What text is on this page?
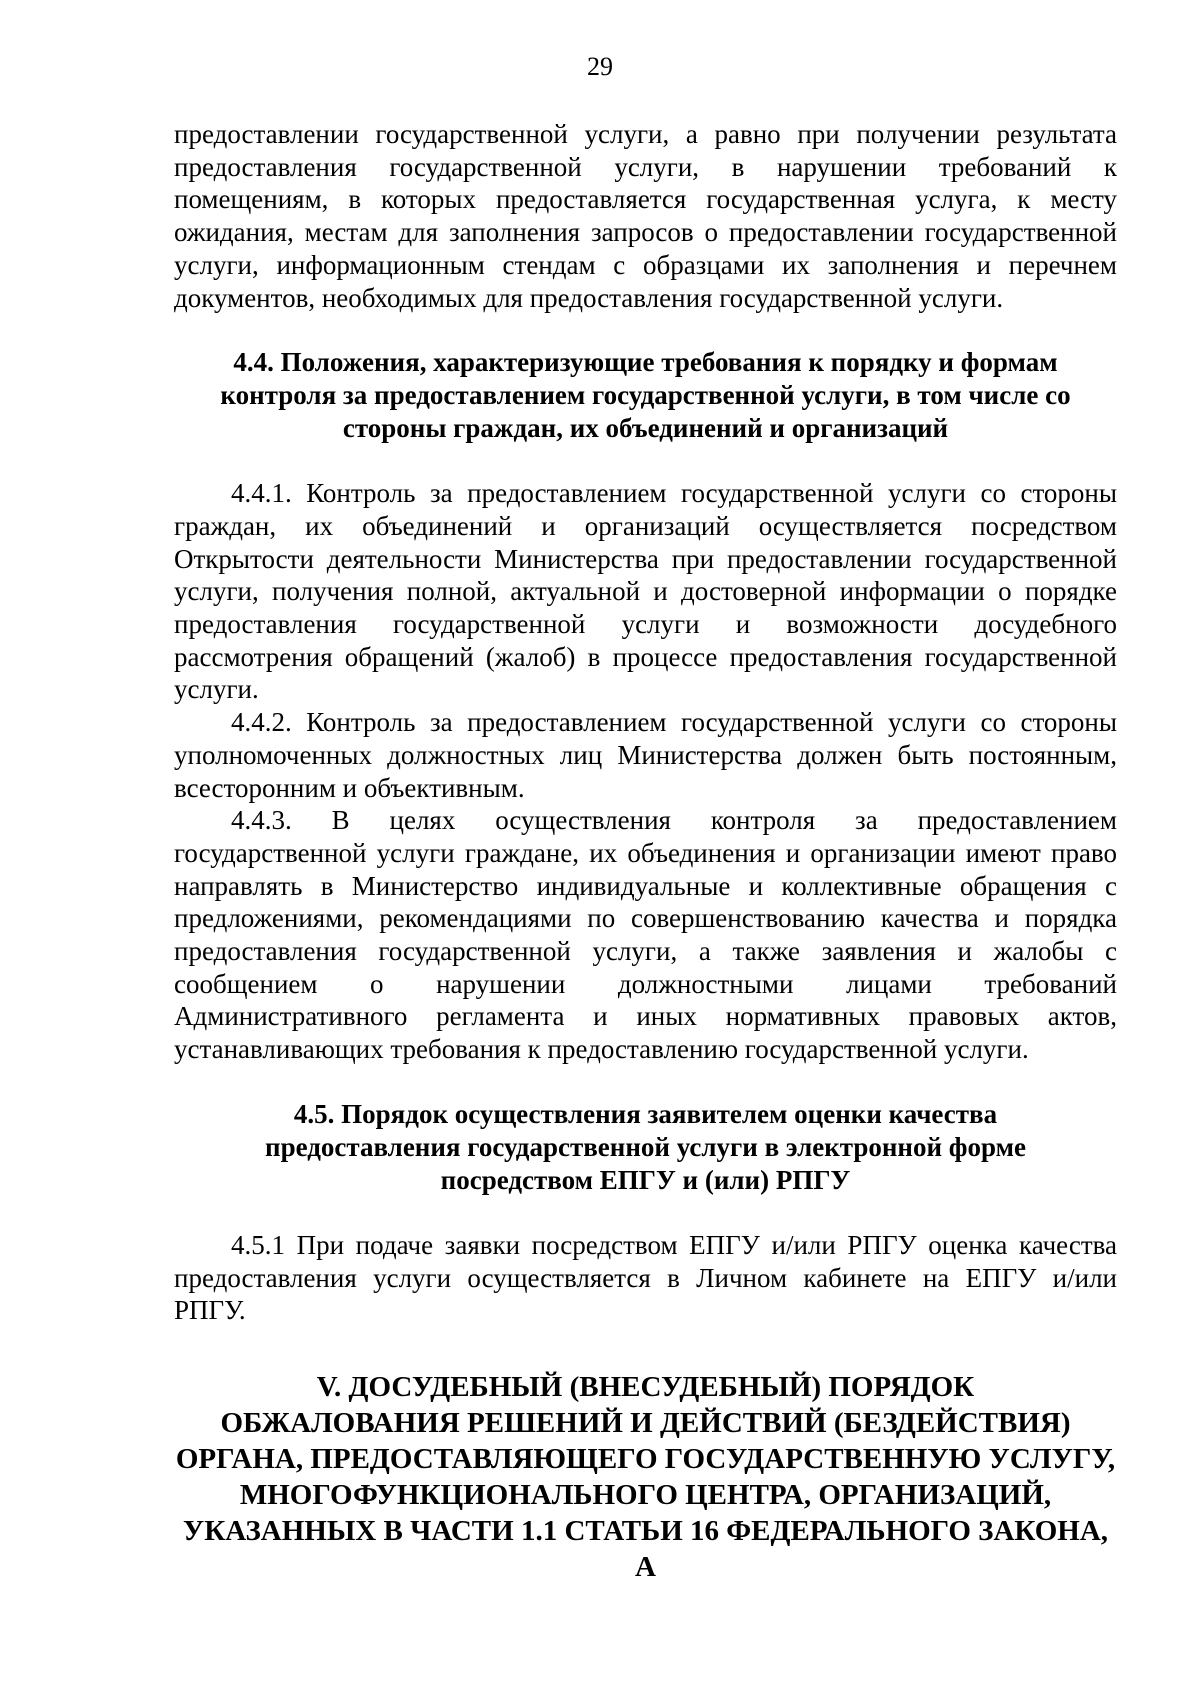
29

предоставлении государственной услуги, а равно при получении результата предоставления государственной услуги, в нарушении требований к помещениям, в которых предоставляется государственная услуга, к месту ожидания, местам для заполнения запросов о предоставлении государственной услуги, информационным стендам с образцами их заполнения и перечнем документов, необходимых для предоставления государственной услуги.

4.4. Положения, характеризующие требования к порядку и формам
контроля за предоставлением государственной услуги, в том числе со
стороны граждан, их объединений и организаций

4.4.1. Контроль за предоставлением государственной услуги со стороны граждан, их объединений и организаций осуществляется посредством Открытости деятельности Министерства при предоставлении государственной услуги, получения полной, актуальной и достоверной информации о порядке предоставления государственной услуги и возможности досудебного рассмотрения обращений (жалоб) в процессе предоставления государственной услуги.

4.4.2. Контроль за предоставлением государственной услуги со стороны уполномоченных должностных лиц Министерства должен быть постоянным, всесторонним и объективным.

4.4.3. В целях осуществления контроля за предоставлением государственной услуги граждане, их объединения и организации имеют право направлять в Министерство индивидуальные и коллективные обращения с предложениями, рекомендациями по совершенствованию качества и порядка предоставления государственной услуги, а также заявления и жалобы с сообщением о нарушении должностными лицами требований Административного регламента и иных нормативных правовых актов, устанавливающих требования к предоставлению государственной услуги.

4.5. Порядок осуществления заявителем оценки качества
предоставления государственной услуги в электронной форме
посредством ЕПГУ и (или) РПГУ

4.5.1 При подаче заявки посредством ЕПГУ и/или РПГУ оценка качества предоставления услуги осуществляется в Личном кабинете на ЕПГУ и/или РПГУ.

V. ДОСУДЕБНЫЙ (ВНЕСУДЕБНЫЙ) ПОРЯДОК
ОБЖАЛОВАНИЯ РЕШЕНИЙ И ДЕЙСТВИЙ (БЕЗДЕЙСТВИЯ)
ОРГАНА, ПРЕДОСТАВЛЯЮЩЕГО ГОСУДАРСТВЕННУЮ УСЛУГУ,
МНОГОФУНКЦИОНАЛЬНОГО ЦЕНТРА, ОРГАНИЗАЦИЙ,
УКАЗАННЫХ В ЧАСТИ 1.1 СТАТЬИ 16 ФЕДЕРАЛЬНОГО ЗАКОНА, А
